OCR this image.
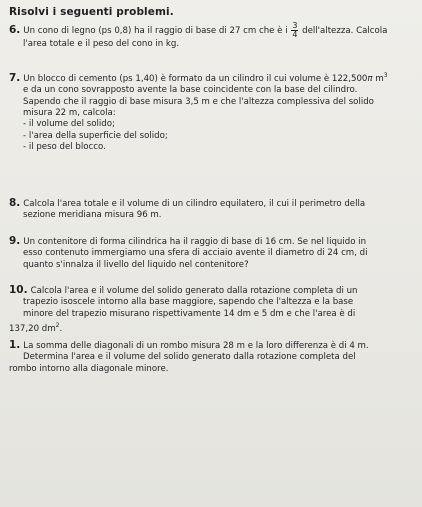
Risolvi i seguenti problemi.
6. Un cono di legno (ps 0,8) ha il raggio di base di 27 cm che è i $\frac{3}{4}$ dell'altezza. Calcola
l'area totale e il peso del cono in kg.
7. Un blocco di cemento (ps 1,40) è formato da un cilindro il cui volume è 122,500π $m^3$
e da un cono sovrapposto avente la base coincidente con la base del cilindro.
Sapendo che il raggio di base misura 3,5 m e che l'altezza complessiva del solido
misura 22 m, calcola:
- il volume del solido;
- l'area della superficie del solido;
- il peso del blocco.
8. Calcola l'area totale e il volume di un cilindro equilatero, il cui il perimetro della
sezione meridiana misura 96 m.
9. Un contenitore di forma cilindrica ha il raggio di base di 16 cm. Se nel liquido in
esso contenuto immergiamo una sfera di acciaio avente il diametro di 24 cm, di
quanto s'innalza il livello del liquido nel contenitore?
10. Calcola l'area e il volume del solido generato dalla rotazione completa di un
trapezio isoscele intorno alla base maggiore, sapendo che l'altezza e la base
minore del trapezio misurano rispettivamente 14 dm e 5 dm e che l'area è di
137,20 $dm^2$.
1. La somma delle diagonali di un rombo misura 28 m e la loro differenza è di 4 m.
Determina l'area e il volume del solido generato dalla rotazione completa del
rombo intorno alla diagonale minore.
